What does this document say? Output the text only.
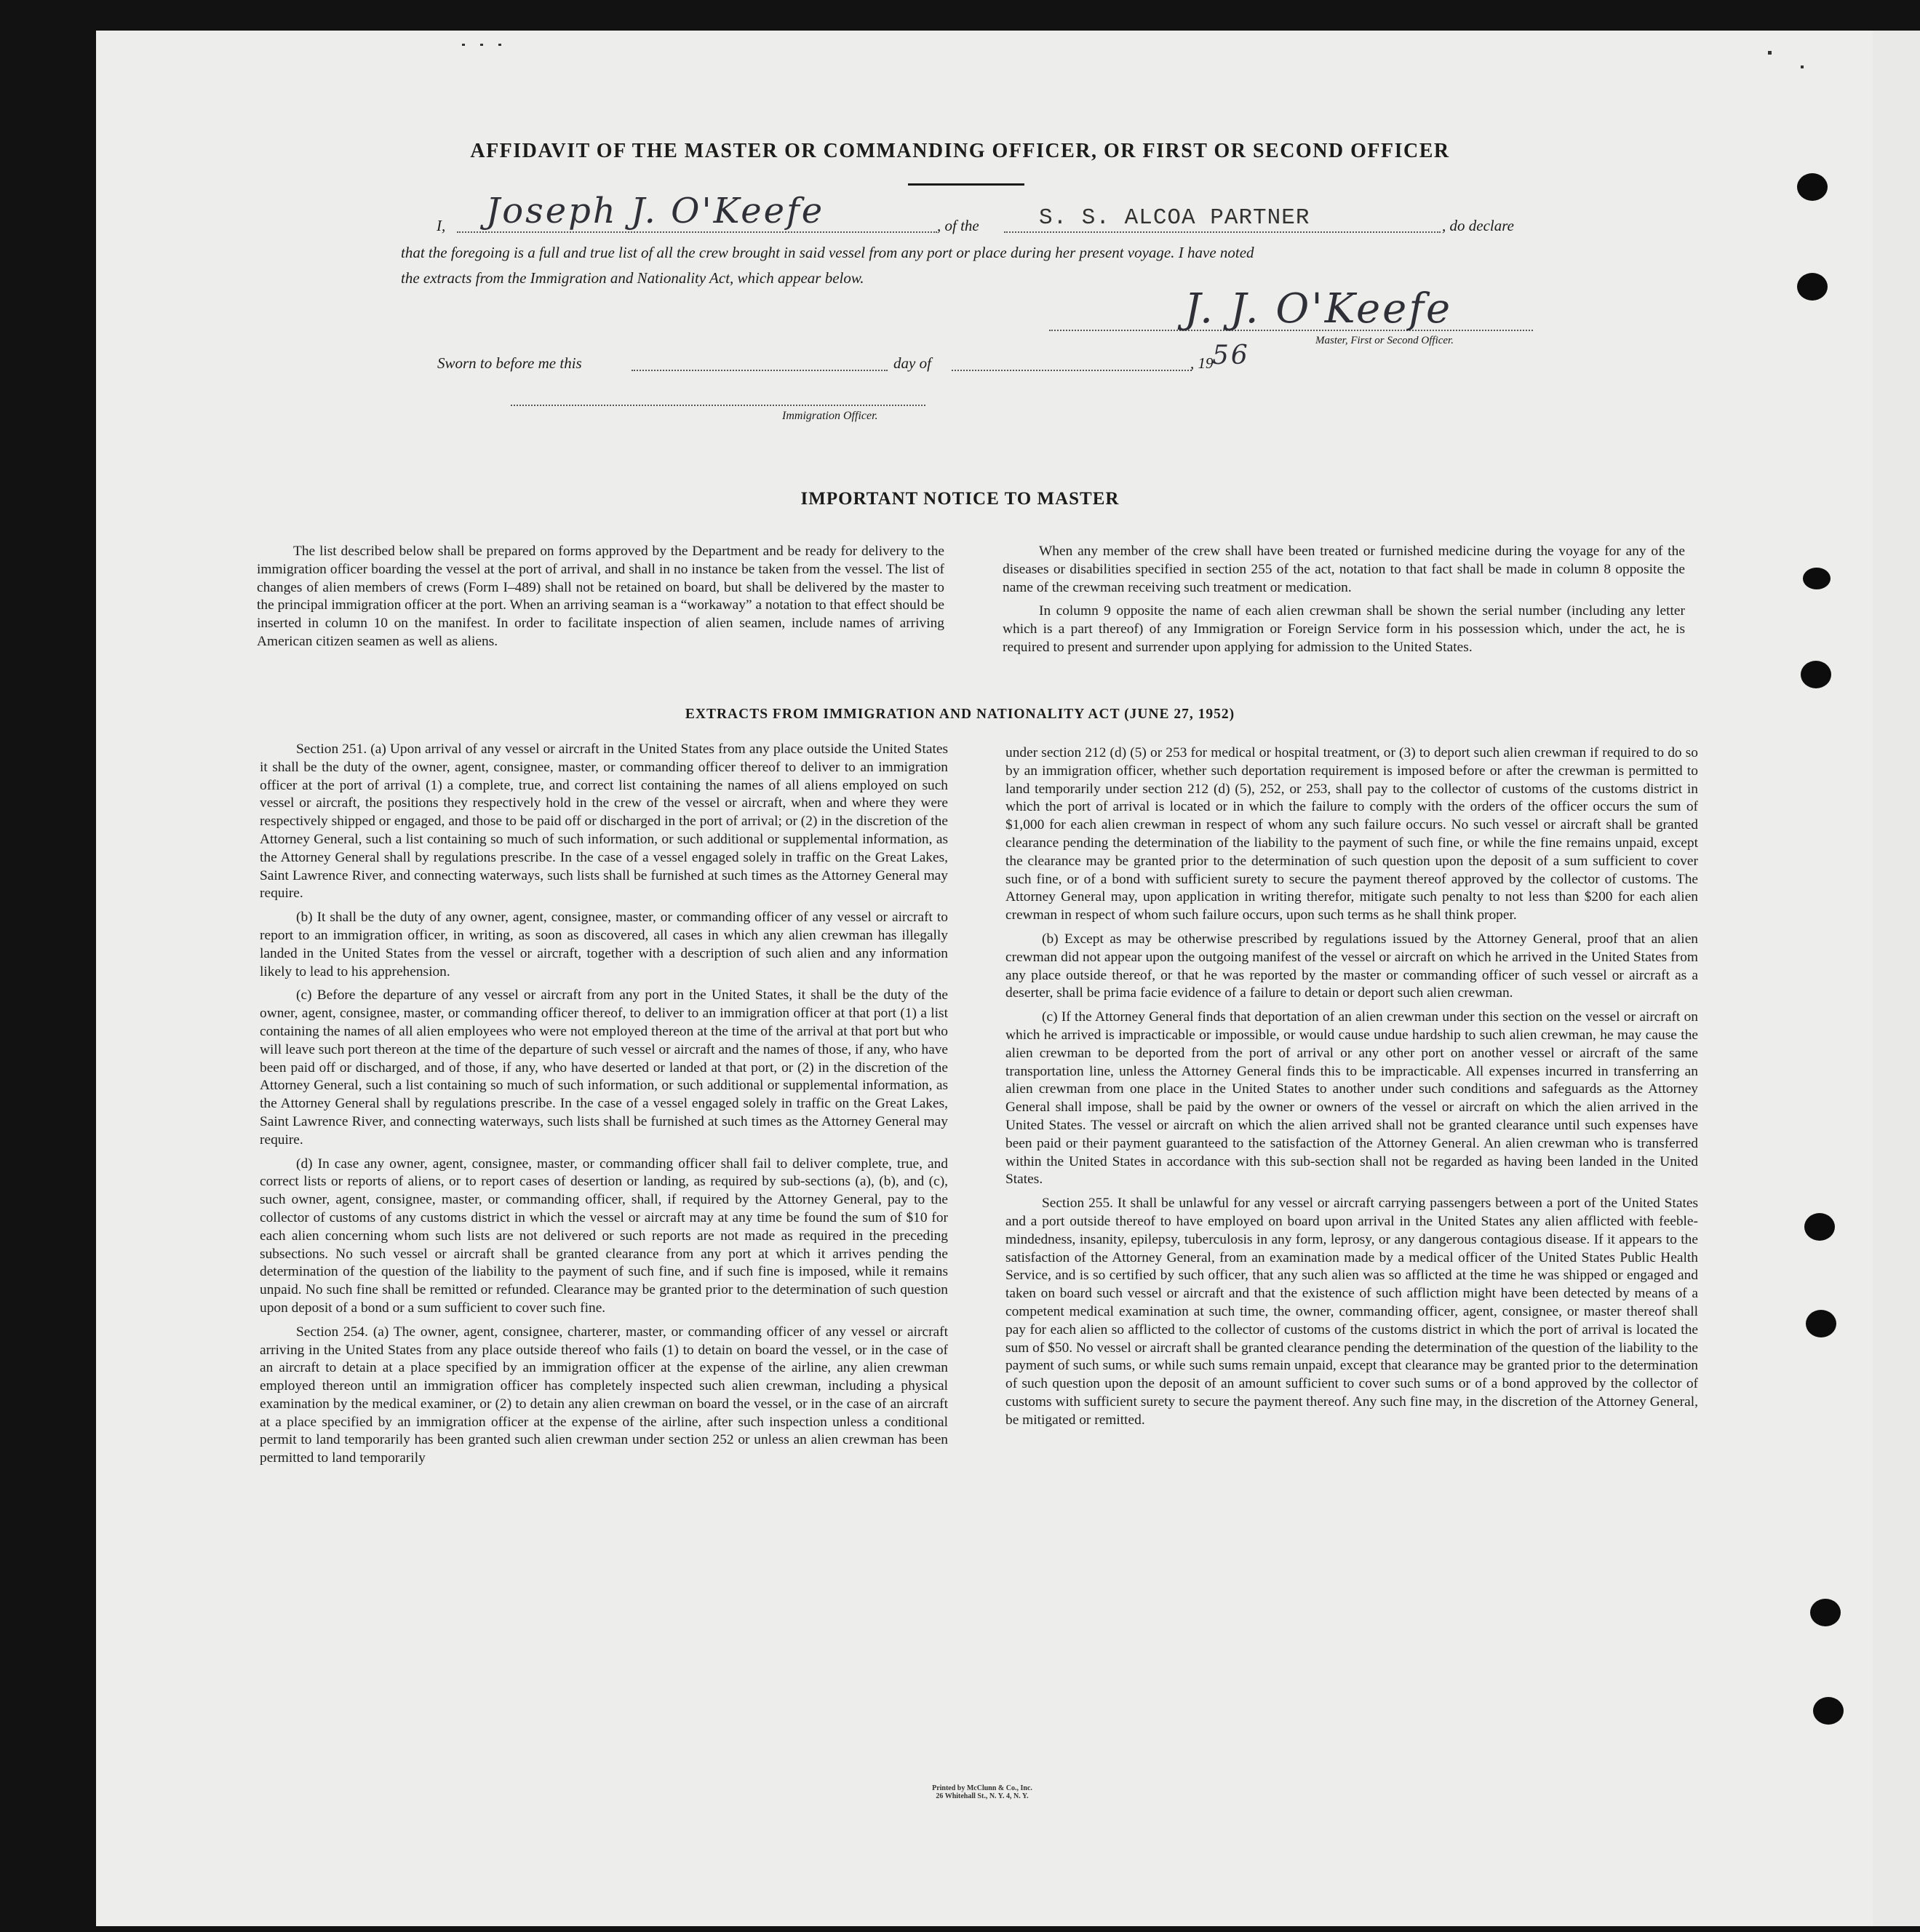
AFFIDAVIT OF THE MASTER OR COMMANDING OFFICER, OR FIRST OR SECOND OFFICER
I, Joseph J. O'Keefe	, of the	S. S. ALCOA PARTNER	, do declare
that the foregoing is a full and true list of all the crew brought in said vessel from any port or place during her present voyage. I have noted
the extracts from the Immigration and Nationality Act, which appear below.
J. J. O'Keefe
Master, First or Second Officer.
Sworn to before me this	day of	, 19
56
Immigration Officer.
IMPORTANT NOTICE TO MASTER

The list described below shall be prepared on forms approved by the Department and be ready for delivery to the immigration officer boarding the vessel at the port of arrival, and shall in no instance be taken from the vessel. The list of changes of alien members of crews (Form I–489) shall not be retained on board, but shall be delivered by the master to the principal immigration officer at the port. When an arriving seaman is a “workaway” a notation to that effect should be inserted in column 10 on the manifest. In order to facilitate inspection of alien seamen, include names of arriving American citizen seamen as well as aliens.

When any member of the crew shall have been treated or furnished medicine during the voyage for any of the diseases or disabilities specified in section 255 of the act, notation to that fact shall be made in column 8 opposite the name of the crewman receiving such treatment or medication.

In column 9 opposite the name of each alien crewman shall be shown the serial number (including any letter which is a part thereof) of any Immigration or Foreign Service form in his possession which, under the act, he is required to present and surrender upon applying for admission to the United States.

EXTRACTS FROM IMMIGRATION AND NATIONALITY ACT (JUNE 27, 1952)

Section 251. (a) Upon arrival of any vessel or aircraft in the United States from any place outside the United States it shall be the duty of the owner, agent, consignee, master, or commanding officer thereof to deliver to an immigration officer at the port of arrival (1) a complete, true, and correct list containing the names of all aliens employed on such vessel or aircraft, the positions they respectively hold in the crew of the vessel or aircraft, when and where they were respectively shipped or engaged, and those to be paid off or discharged in the port of arrival; or (2) in the discretion of the Attorney General, such a list containing so much of such information, or such additional or supplemental information, as the Attorney General shall by regulations prescribe. In the case of a vessel engaged solely in traffic on the Great Lakes, Saint Lawrence River, and connecting waterways, such lists shall be furnished at such times as the Attorney General may require.

(b) It shall be the duty of any owner, agent, consignee, master, or commanding officer of any vessel or aircraft to report to an immigration officer, in writing, as soon as discovered, all cases in which any alien crewman has illegally landed in the United States from the vessel or aircraft, together with a description of such alien and any information likely to lead to his apprehension.

(c) Before the departure of any vessel or aircraft from any port in the United States, it shall be the duty of the owner, agent, consignee, master, or commanding officer thereof, to deliver to an immigration officer at that port (1) a list containing the names of all alien employees who were not employed thereon at the time of the arrival at that port but who will leave such port thereon at the time of the departure of such vessel or aircraft and the names of those, if any, who have been paid off or discharged, and of those, if any, who have deserted or landed at that port, or (2) in the discretion of the Attorney General, such a list containing so much of such information, or such additional or supplemental information, as the Attorney General shall by regulations prescribe. In the case of a vessel engaged solely in traffic on the Great Lakes, Saint Lawrence River, and connecting waterways, such lists shall be furnished at such times as the Attorney General may require.

(d) In case any owner, agent, consignee, master, or commanding officer shall fail to deliver complete, true, and correct lists or reports of aliens, or to report cases of desertion or landing, as required by sub-sections (a), (b), and (c), such owner, agent, consignee, master, or commanding officer, shall, if required by the Attorney General, pay to the collector of customs of any customs district in which the vessel or aircraft may at any time be found the sum of $10 for each alien concerning whom such lists are not delivered or such reports are not made as required in the preceding subsections. No such vessel or aircraft shall be granted clearance from any port at which it arrives pending the determination of the question of the liability to the payment of such fine, and if such fine is imposed, while it remains unpaid. No such fine shall be remitted or refunded. Clearance may be granted prior to the determination of such question upon deposit of a bond or a sum sufficient to cover such fine.

Section 254. (a) The owner, agent, consignee, charterer, master, or commanding officer of any vessel or aircraft arriving in the United States from any place outside thereof who fails (1) to detain on board the vessel, or in the case of an aircraft to detain at a place specified by an immigration officer at the expense of the airline, any alien crewman employed thereon until an immigration officer has completely inspected such alien crewman, including a physical examination by the medical examiner, or (2) to detain any alien crewman on board the vessel, or in the case of an aircraft at a place specified by an immigration officer at the expense of the airline, after such inspection unless a conditional permit to land temporarily has been granted such alien crewman under section 252 or unless an alien crewman has been permitted to land temporarily

under section 212 (d) (5) or 253 for medical or hospital treatment, or (3) to deport such alien crewman if required to do so by an immigration officer, whether such deportation requirement is imposed before or after the crewman is permitted to land temporarily under section 212 (d) (5), 252, or 253, shall pay to the collector of customs of the customs district in which the port of arrival is located or in which the failure to comply with the orders of the officer occurs the sum of $1,000 for each alien crewman in respect of whom any such failure occurs. No such vessel or aircraft shall be granted clearance pending the determination of the liability to the payment of such fine, or while the fine remains unpaid, except the clearance may be granted prior to the determination of such question upon the deposit of a sum sufficient to cover such fine, or of a bond with sufficient surety to secure the payment thereof approved by the collector of customs. The Attorney General may, upon application in writing therefor, mitigate such penalty to not less than $200 for each alien crewman in respect of whom such failure occurs, upon such terms as he shall think proper.

(b) Except as may be otherwise prescribed by regulations issued by the Attorney General, proof that an alien crewman did not appear upon the outgoing manifest of the vessel or aircraft on which he arrived in the United States from any place outside thereof, or that he was reported by the master or commanding officer of such vessel or aircraft as a deserter, shall be prima facie evidence of a failure to detain or deport such alien crewman.

(c) If the Attorney General finds that deportation of an alien crewman under this section on the vessel or aircraft on which he arrived is impracticable or impossible, or would cause undue hardship to such alien crewman, he may cause the alien crewman to be deported from the port of arrival or any other port on another vessel or aircraft of the same transportation line, unless the Attorney General finds this to be impracticable. All expenses incurred in transferring an alien crewman from one place in the United States to another under such conditions and safeguards as the Attorney General shall impose, shall be paid by the owner or owners of the vessel or aircraft on which the alien arrived in the United States. The vessel or aircraft on which the alien arrived shall not be granted clearance until such expenses have been paid or their payment guaranteed to the satisfaction of the Attorney General. An alien crewman who is transferred within the United States in accordance with this sub-section shall not be regarded as having been landed in the United States.

Section 255. It shall be unlawful for any vessel or aircraft carrying passengers between a port of the United States and a port outside thereof to have employed on board upon arrival in the United States any alien afflicted with feeble-mindedness, insanity, epilepsy, tuberculosis in any form, leprosy, or any dangerous contagious disease. If it appears to the satisfaction of the Attorney General, from an examination made by a medical officer of the United States Public Health Service, and is so certified by such officer, that any such alien was so afflicted at the time he was shipped or engaged and taken on board such vessel or aircraft and that the existence of such affliction might have been detected by means of a competent medical examination at such time, the owner, commanding officer, agent, consignee, or master thereof shall pay for each alien so afflicted to the collector of customs of the customs district in which the port of arrival is located the sum of $50. No vessel or aircraft shall be granted clearance pending the determination of the question of the liability to the payment of such sums, or while such sums remain unpaid, except that clearance may be granted prior to the determination of such question upon the deposit of an amount sufficient to cover such sums or of a bond approved by the collector of customs with sufficient surety to secure the payment thereof. Any such fine may, in the discretion of the Attorney General, be mitigated or remitted.

Printed by McClunn & Co., Inc.
26 Whitehall St., N. Y. 4, N. Y.
